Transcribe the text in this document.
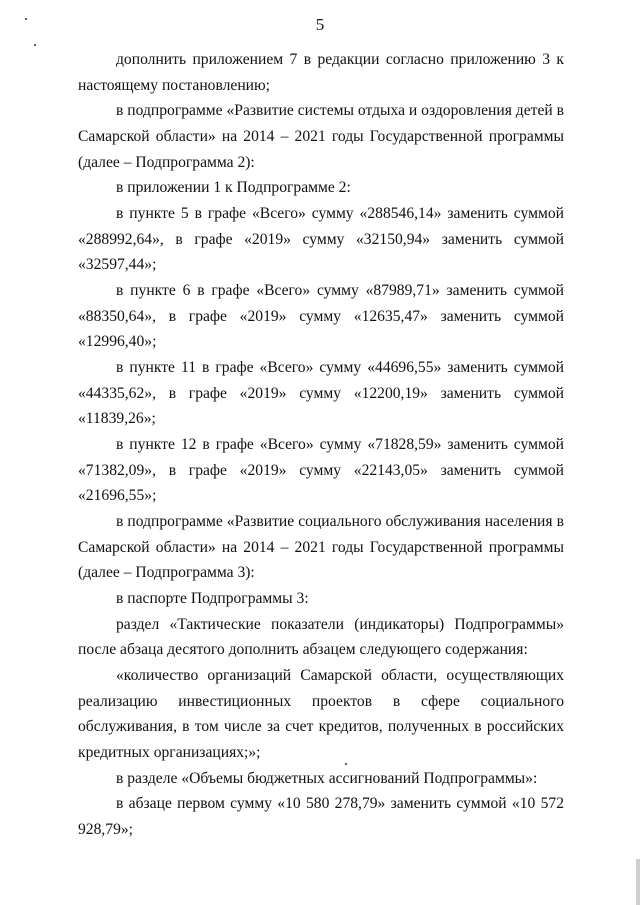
5

дополнить приложением 7 в редакции согласно приложению 3 к настоящему постановлению;

в подпрограмме «Развитие системы отдыха и оздоровления детей в Самарской области» на 2014 – 2021 годы Государственной программы (далее – Подпрограмма 2):

в приложении 1 к Подпрограмме 2:

в пункте 5 в графе «Всего» сумму «288546,14» заменить суммой «288992,64», в графе «2019» сумму «32150,94» заменить суммой «32597,44»;

в пункте 6 в графе «Всего» сумму «87989,71» заменить суммой «88350,64», в графе «2019» сумму «12635,47» заменить суммой «12996,40»;

в пункте 11 в графе «Всего» сумму «44696,55» заменить суммой «44335,62», в графе «2019» сумму «12200,19» заменить суммой «11839,26»;

в пункте 12 в графе «Всего» сумму «71828,59» заменить суммой «71382,09», в графе «2019» сумму «22143,05» заменить суммой «21696,55»;

в подпрограмме «Развитие социального обслуживания населения в Самарской области» на 2014 – 2021 годы Государственной программы (далее – Подпрограмма 3):

в паспорте Подпрограммы 3:

раздел «Тактические показатели (индикаторы) Подпрограммы» после абзаца десятого дополнить абзацем следующего содержания:

«количество организаций Самарской области, осуществляющих реализацию инвестиционных проектов в сфере социального обслуживания, в том числе за счет кредитов, полученных в российских кредитных организациях;»;

в разделе «Объемы бюджетных ассигнований Подпрограммы»:

в абзаце первом сумму «10 580 278,79» заменить суммой «10 572 928,79»;
